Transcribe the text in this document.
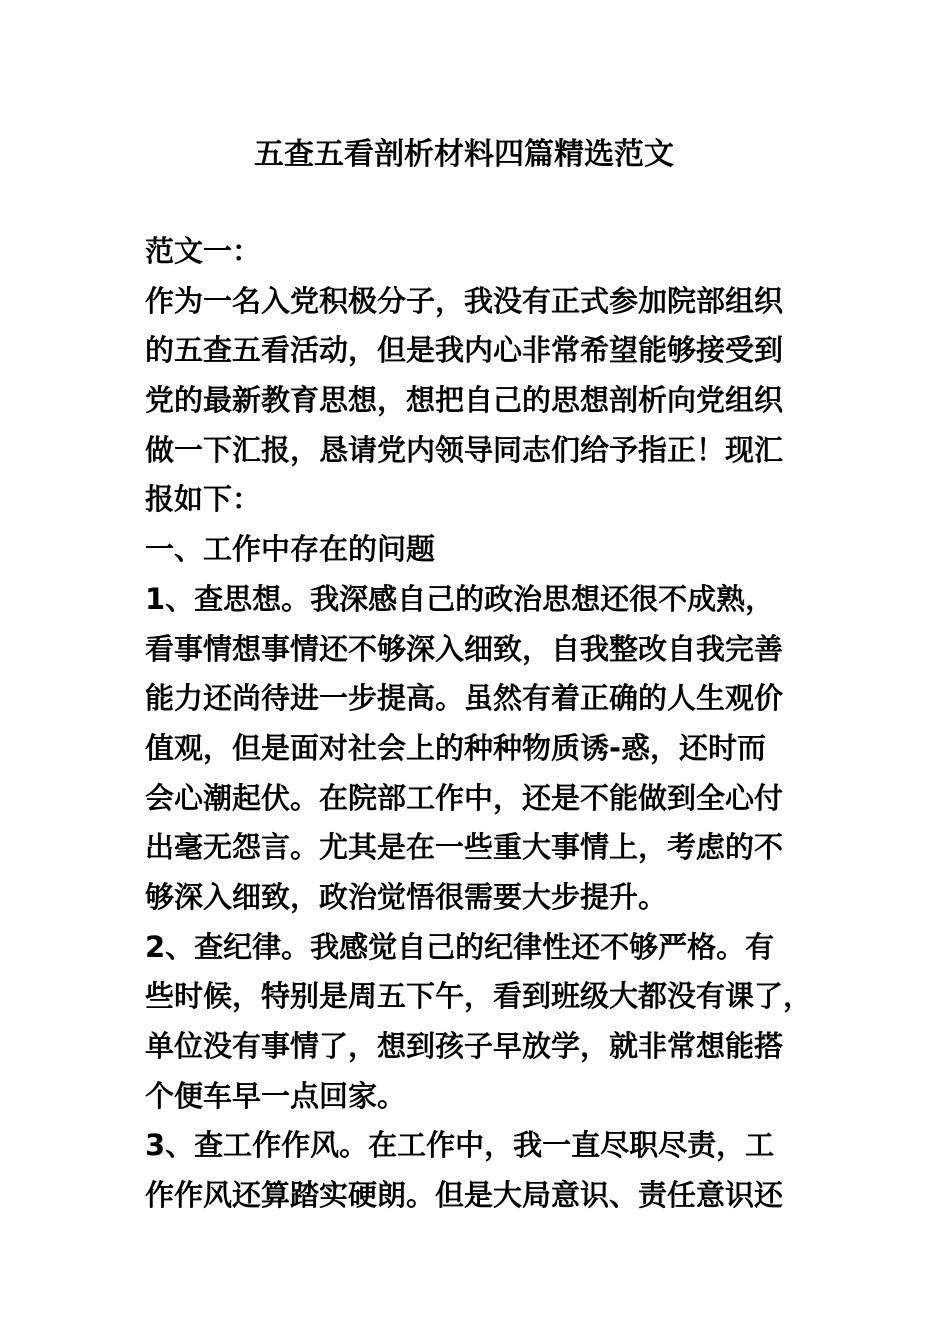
五查五看剖析材料四篇精选范文
范文一：
作为一名入党积极分子，我没有正式参加院部组织
的五查五看活动，但是我内心非常希望能够接受到
党的最新教育思想，想把自己的思想剖析向党组织
做一下汇报，恳请党内领导同志们给予指正！现汇
报如下：
一、工作中存在的问题
1、查思想。我深感自己的政治思想还很不成熟，
看事情想事情还不够深入细致，自我整改自我完善
能力还尚待进一步提高。虽然有着正确的人生观价
值观，但是面对社会上的种种物质诱-惑，还时而
会心潮起伏。在院部工作中，还是不能做到全心付
出毫无怨言。尤其是在一些重大事情上，考虑的不
够深入细致，政治觉悟很需要大步提升。
2、查纪律。我感觉自己的纪律性还不够严格。有
些时候，特别是周五下午，看到班级大都没有课了，
单位没有事情了，想到孩子早放学，就非常想能搭
个便车早一点回家。
3、查工作作风。在工作中，我一直尽职尽责，工
作作风还算踏实硬朗。但是大局意识、责任意识还
